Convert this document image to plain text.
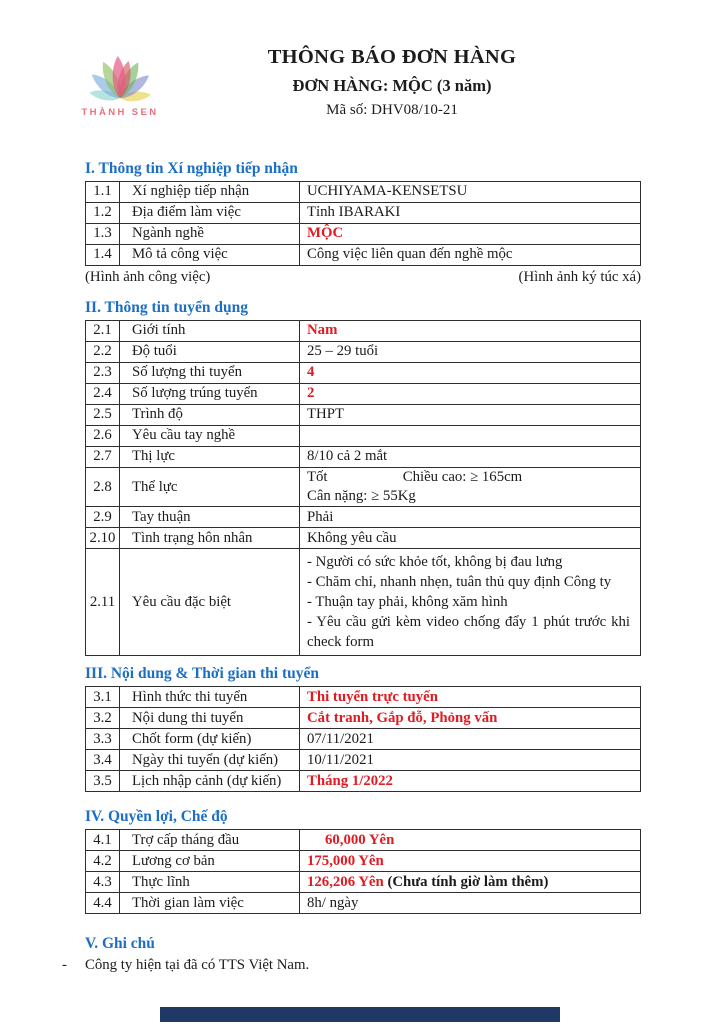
THÀNH SEN
THÔNG BÁO ĐƠN HÀNG
ĐƠN HÀNG: MỘC (3 năm)
Mã số: DHV08/10-21
I. Thông tin Xí nghiệp tiếp nhận
1.1	Xí nghiệp tiếp nhận	UCHIYAMA-KENSETSU
1.2	Địa điểm làm việc	Tỉnh IBARAKI
1.3	Ngành nghề	MỘC
1.4	Mô tả công việc	Công việc liên quan đến nghề mộc
(Hình ảnh công việc)	(Hình ảnh ký túc xá)
II. Thông tin tuyển dụng
2.1	Giới tính	Nam
2.2	Độ tuổi	25 – 29 tuổi
2.3	Số lượng thi tuyển	4
2.4	Số lượng trúng tuyển	2
2.5	Trình độ	THPT
2.6	Yêu cầu tay nghề	
2.7	Thị lực	8/10 cả 2 mắt
2.8	Thể lực	Tốt Chiều cao: ≥ 165cm Cân nặng: ≥ 55Kg
2.9	Tay thuận	Phải
2.10	Tình trạng hôn nhân	Không yêu cầu
2.11	Yêu cầu đặc biệt	- Người có sức khỏe tốt, không bị đau lưng
- Chăm chỉ, nhanh nhẹn, tuân thủ quy định Công ty
- Thuận tay phải, không xăm hình
- Yêu cầu gửi kèm video chống đẩy 1 phút trước khi check form
III. Nội dung & Thời gian thi tuyển
3.1	Hình thức thi tuyển	Thi tuyển trực tuyến
3.2	Nội dung thi tuyển	Cắt tranh, Gắp đỗ, Phỏng vấn
3.3	Chốt form (dự kiến)	07/11/2021
3.4	Ngày thi tuyển (dự kiến)	10/11/2021
3.5	Lịch nhập cảnh (dự kiến)	Tháng 1/2022
IV. Quyền lợi, Chế độ
4.1	Trợ cấp tháng đầu	60,000 Yên
4.2	Lương cơ bản	175,000 Yên
4.3	Thực lĩnh	126,206 Yên (Chưa tính giờ làm thêm)
4.4	Thời gian làm việc	8h/ ngày
V. Ghi chú
- Công ty hiện tại đã có TTS Việt Nam.
